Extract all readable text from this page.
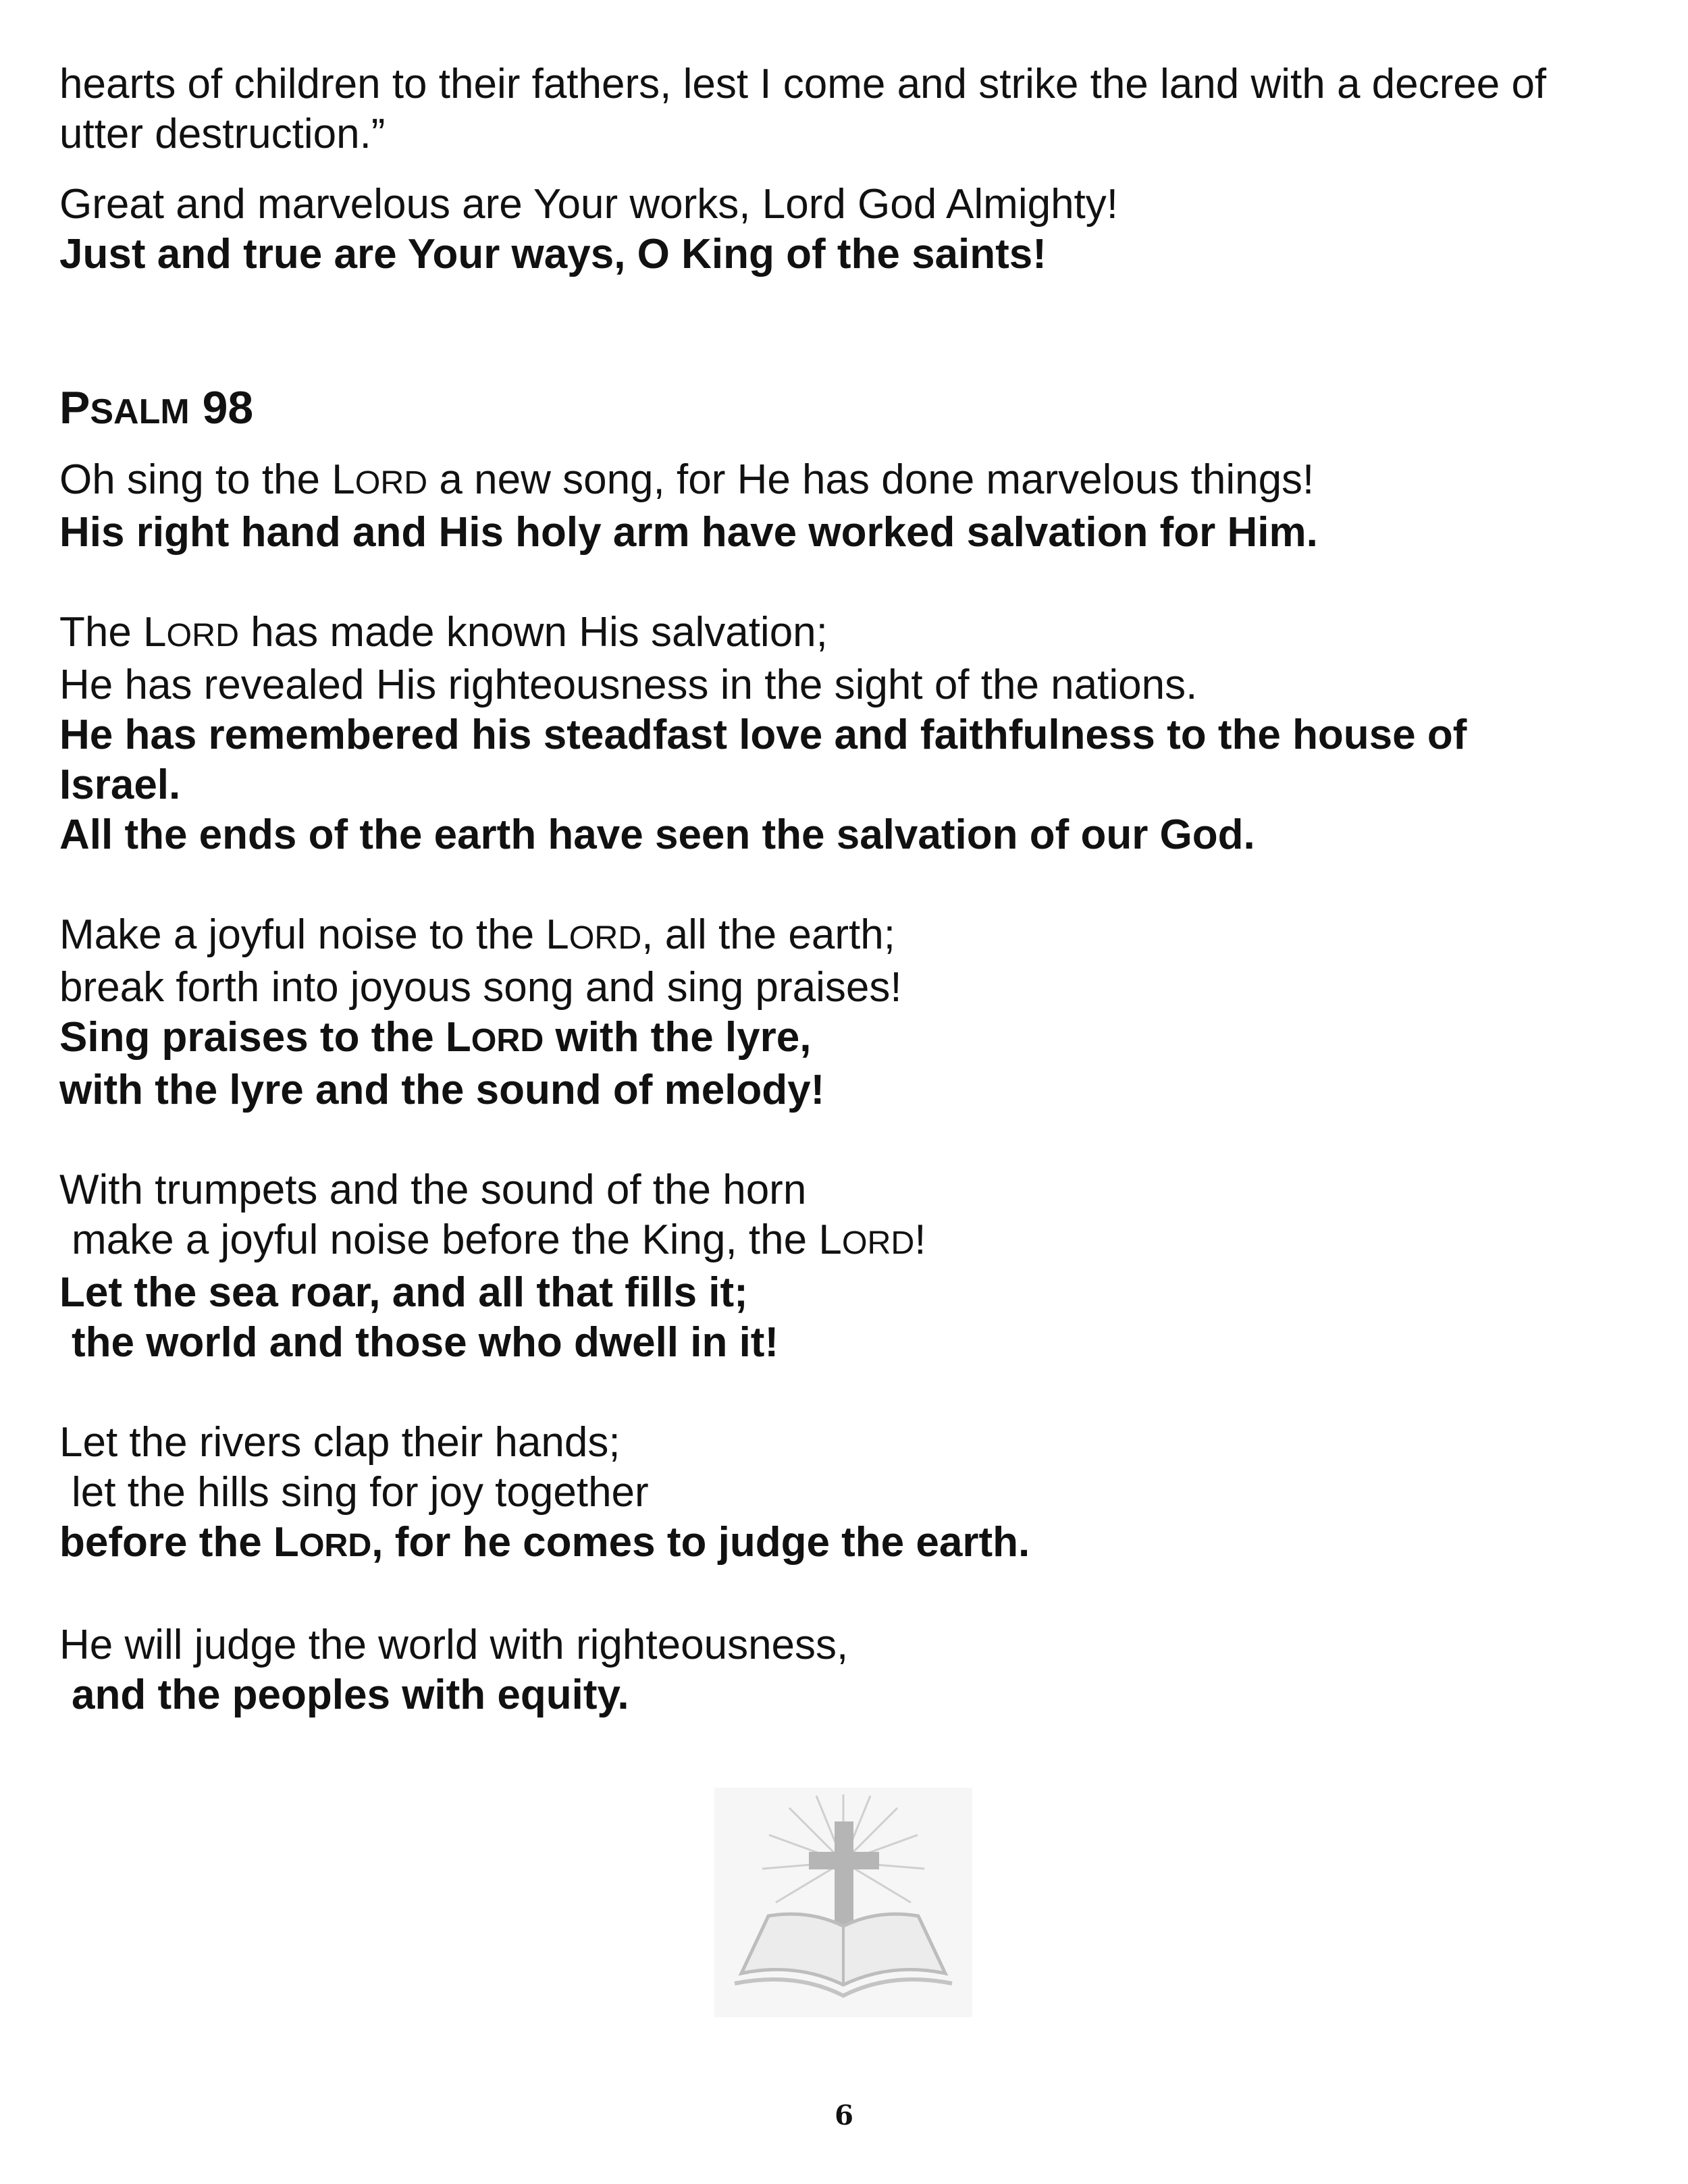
hearts of children to their fathers, lest I come and strike the land with a decree of

utter destruction.”

Great and marvelous are Your works, Lord God Almighty!

Just and true are Your ways, O King of the saints!

PSALM 98

Oh sing to the LORD a new song, for He has done marvelous things!

His right hand and His holy arm have worked salvation for Him.

The LORD has made known His salvation;

He has revealed His righteousness in the sight of the nations.

He has remembered his steadfast love and faithfulness to the house of

Israel.

All the ends of the earth have seen the salvation of our God.

Make a joyful noise to the LORD, all the earth;

break forth into joyous song and sing praises!

Sing praises to the LORD with the lyre,

with the lyre and the sound of melody!

With trumpets and the sound of the horn

make a joyful noise before the King, the LORD!

Let the sea roar, and all that fills it;

the world and those who dwell in it!

Let the rivers clap their hands;

let the hills sing for joy together

before the LORD, for he comes to judge the earth.

He will judge the world with righteousness,

and the peoples with equity.

6
